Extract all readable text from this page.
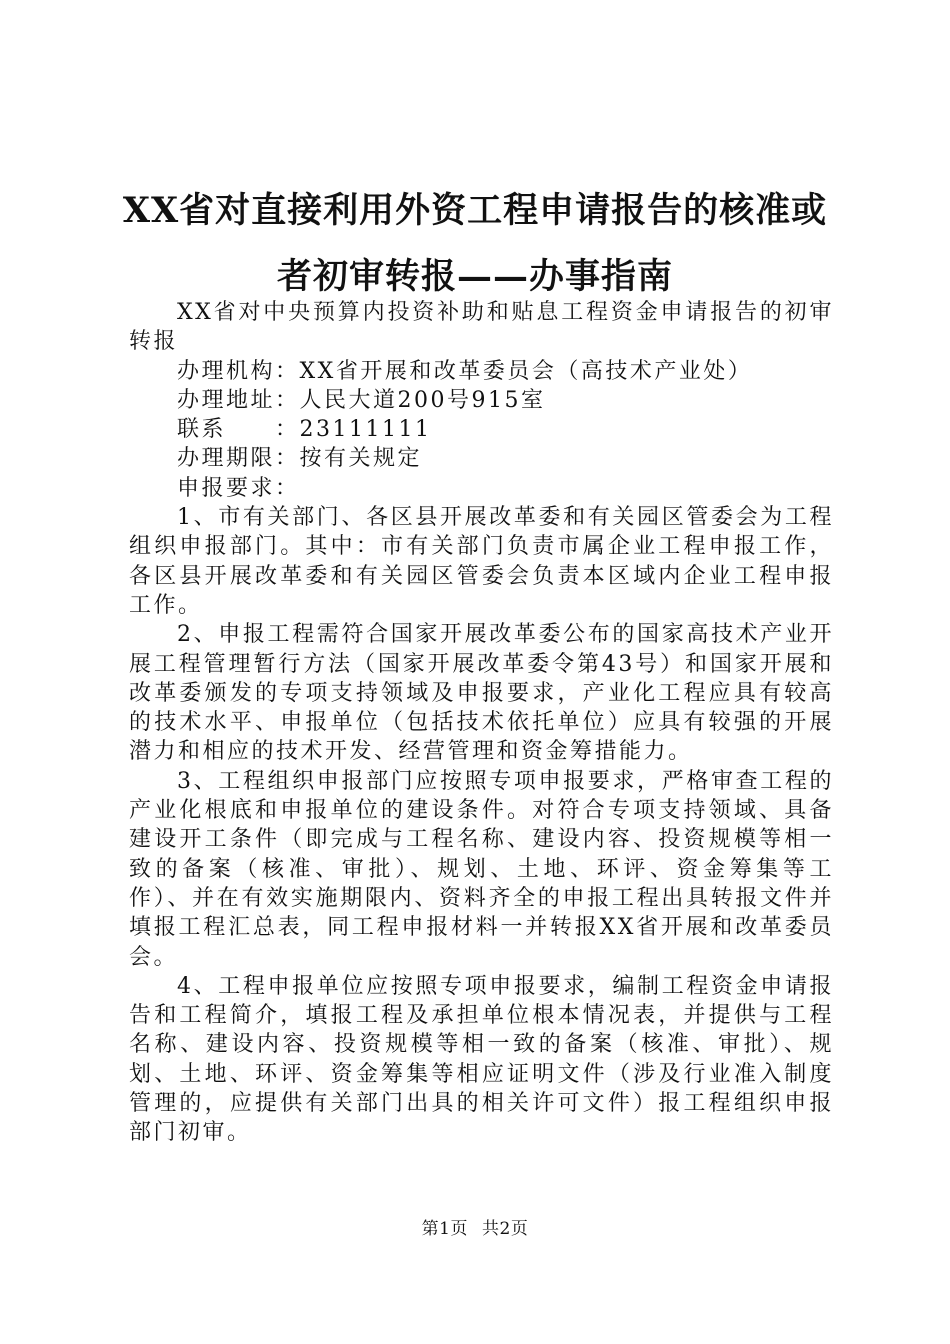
XX省对直接利用外资工程申请报告的核准或
者初审转报——办事指南

XX省对中央预算内投资补助和贴息工程资金申请报告的初审转报

办理机构：XX省开展和改革委员会（高技术产业处）

办理地址：人民大道200号915室

联系　　：23111111

办理期限：按有关规定

申报要求：

1、市有关部门、各区县开展改革委和有关园区管委会为工程组织申报部门。其中：市有关部门负责市属企业工程申报工作，各区县开展改革委和有关园区管委会负责本区域内企业工程申报工作。

2、申报工程需符合国家开展改革委公布的国家高技术产业开展工程管理暂行方法（国家开展改革委令第43号）和国家开展和改革委颁发的专项支持领域及申报要求，产业化工程应具有较高的技术水平、申报单位（包括技术依托单位）应具有较强的开展潜力和相应的技术开发、经营管理和资金筹措能力。

3、工程组织申报部门应按照专项申报要求，严格审查工程的产业化根底和申报单位的建设条件。对符合专项支持领域、具备建设开工条件（即完成与工程名称、建设内容、投资规模等相一致的备案（核准、审批）、规划、土地、环评、资金筹集等工作）、并在有效实施期限内、资料齐全的申报工程出具转报文件并填报工程汇总表，同工程申报材料一并转报XX省开展和改革委员会。

4、工程申报单位应按照专项申报要求，编制工程资金申请报告和工程简介，填报工程及承担单位根本情况表，并提供与工程名称、建设内容、投资规模等相一致的备案（核准、审批）、规划、土地、环评、资金筹集等相应证明文件（涉及行业准入制度管理的，应提供有关部门出具的相关许可文件）报工程组织申报部门初审。

第1页 共2页
